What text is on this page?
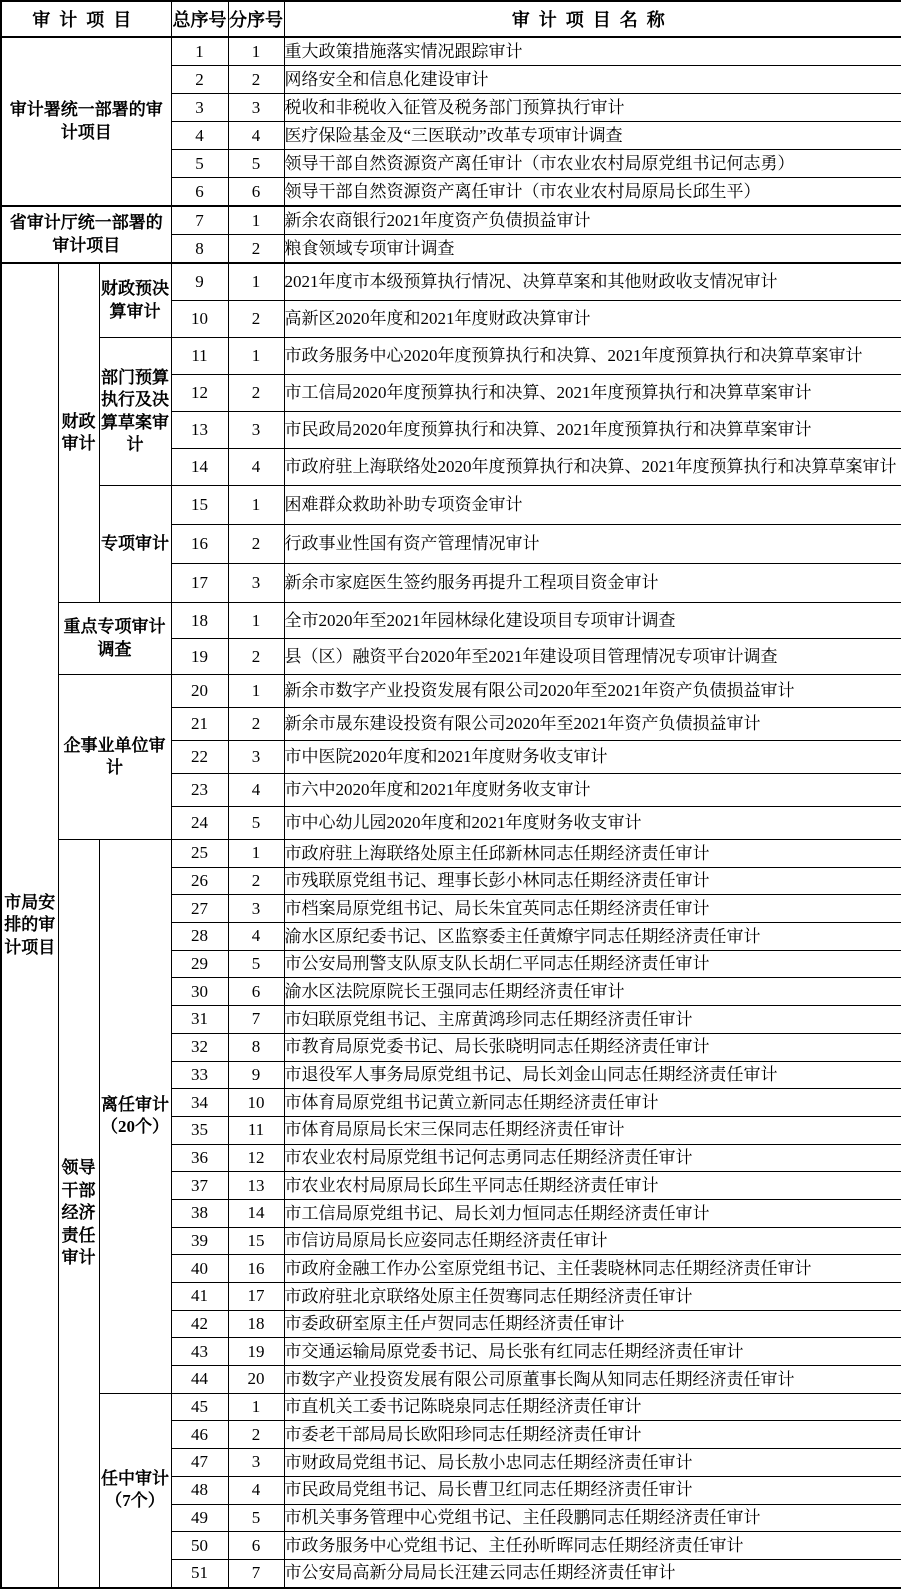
审计项目			总序号	分序号	审计项目名称
审计署统一部署的审计项目			1	1	重大政策措施落实情况跟踪审计
			2	2	网络安全和信息化建设审计
			3	3	税收和非税收入征管及税务部门预算执行审计
			4	4	医疗保险基金及“三医联动”改革专项审计调查
			5	5	领导干部自然资源资产离任审计（市农业农村局原党组书记何志勇）
			6	6	领导干部自然资源资产离任审计（市农业农村局原局长邱生平）
省审计厅统一部署的审计项目			7	1	新余农商银行2021年度资产负债损益审计
			8	2	粮食领域专项审计调查
市局安排的审计项目	财政审计	财政预决算审计	9	1	2021年度市本级预算执行情况、决算草案和其他财政收支情况审计
			10	2	高新区2020年度和2021年度财政决算审计
		部门预算执行及决算草案审计	11	1	市政务服务中心2020年度预算执行和决算、2021年度预算执行和决算草案审计
			12	2	市工信局2020年度预算执行和决算、2021年度预算执行和决算草案审计
			13	3	市民政局2020年度预算执行和决算、2021年度预算执行和决算草案审计
			14	4	市政府驻上海联络处2020年度预算执行和决算、2021年度预算执行和决算草案审计
		专项审计	15	1	困难群众救助补助专项资金审计
			16	2	行政事业性国有资产管理情况审计
			17	3	新余市家庭医生签约服务再提升工程项目资金审计
	重点专项审计调查		18	1	全市2020年至2021年园林绿化建设项目专项审计调查
			19	2	县（区）融资平台2020年至2021年建设项目管理情况专项审计调查
	企事业单位审计		20	1	新余市数字产业投资发展有限公司2020年至2021年资产负债损益审计
			21	2	新余市晟东建设投资有限公司2020年至2021年资产负债损益审计
			22	3	市中医院2020年度和2021年度财务收支审计
			23	4	市六中2020年度和2021年度财务收支审计
			24	5	市中心幼儿园2020年度和2021年度财务收支审计
	领导干部经济责任审计	离任审计（20个）	25	1	市政府驻上海联络处原主任邱新林同志任期经济责任审计
			26	2	市残联原党组书记、理事长彭小林同志任期经济责任审计
			27	3	市档案局原党组书记、局长朱宜英同志任期经济责任审计
			28	4	渝水区原纪委书记、区监察委主任黄燎宇同志任期经济责任审计
			29	5	市公安局刑警支队原支队长胡仁平同志任期经济责任审计
			30	6	渝水区法院原院长王强同志任期经济责任审计
			31	7	市妇联原党组书记、主席黄鸿珍同志任期经济责任审计
			32	8	市教育局原党委书记、局长张晓明同志任期经济责任审计
			33	9	市退役军人事务局原党组书记、局长刘金山同志任期经济责任审计
			34	10	市体育局原党组书记黄立新同志任期经济责任审计
			35	11	市体育局原局长宋三保同志任期经济责任审计
			36	12	市农业农村局原党组书记何志勇同志任期经济责任审计
			37	13	市农业农村局原局长邱生平同志任期经济责任审计
			38	14	市工信局原党组书记、局长刘力恒同志任期经济责任审计
			39	15	市信访局原局长应姿同志任期经济责任审计
			40	16	市政府金融工作办公室原党组书记、主任裴晓林同志任期经济责任审计
			41	17	市政府驻北京联络处原主任贺骞同志任期经济责任审计
			42	18	市委政研室原主任卢贺同志任期经济责任审计
			43	19	市交通运输局原党委书记、局长张有红同志任期经济责任审计
			44	20	市数字产业投资发展有限公司原董事长陶从知同志任期经济责任审计
		任中审计（7个）	45	1	市直机关工委书记陈晓泉同志任期经济责任审计
			46	2	市委老干部局局长欧阳珍同志任期经济责任审计
			47	3	市财政局党组书记、局长敖小忠同志任期经济责任审计
			48	4	市民政局党组书记、局长曹卫红同志任期经济责任审计
			49	5	市机关事务管理中心党组书记、主任段鹏同志任期经济责任审计
			50	6	市政务服务中心党组书记、主任孙昕晖同志任期经济责任审计
			51	7	市公安局高新分局局长汪建云同志任期经济责任审计
